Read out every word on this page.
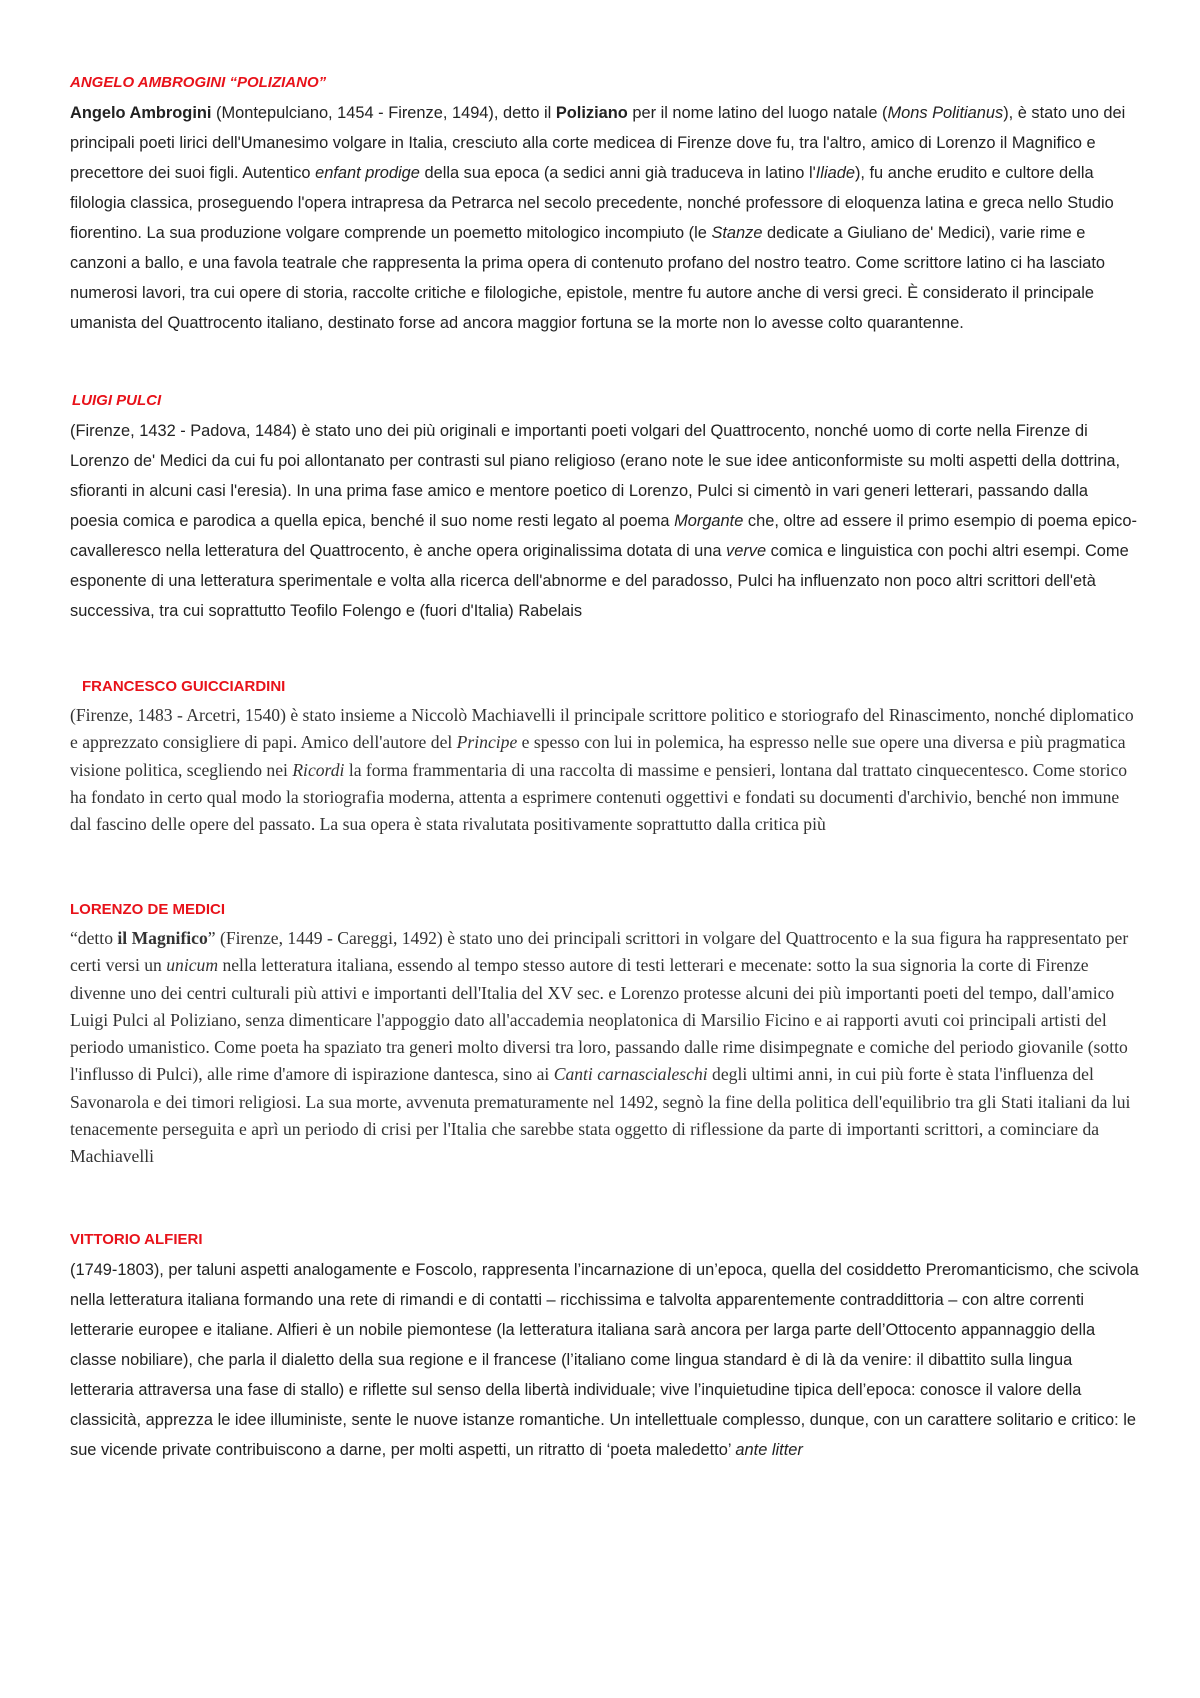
ANGELO AMBROGINI “POLIZIANO”

Angelo Ambrogini (Montepulciano, 1454 - Firenze, 1494), detto il Poliziano per il nome latino del luogo natale (Mons Politianus), è stato uno dei principali poeti lirici dell'Umanesimo volgare in Italia, cresciuto alla corte medicea di Firenze dove fu, tra l'altro, amico di Lorenzo il Magnifico e precettore dei suoi figli. Autentico enfant prodige della sua epoca (a sedici anni già traduceva in latino l'Iliade), fu anche erudito e cultore della filologia classica, proseguendo l'opera intrapresa da Petrarca nel secolo precedente, nonché professore di eloquenza latina e greca nello Studio fiorentino. La sua produzione volgare comprende un poemetto mitologico incompiuto (le Stanze dedicate a Giuliano de' Medici), varie rime e canzoni a ballo, e una favola teatrale che rappresenta la prima opera di contenuto profano del nostro teatro. Come scrittore latino ci ha lasciato numerosi lavori, tra cui opere di storia, raccolte critiche e filologiche, epistole, mentre fu autore anche di versi greci. È considerato il principale umanista del Quattrocento italiano, destinato forse ad ancora maggior fortuna se la morte non lo avesse colto quarantenne.

LUIGI PULCI

(Firenze, 1432 - Padova, 1484) è stato uno dei più originali e importanti poeti volgari del Quattrocento, nonché uomo di corte nella Firenze di Lorenzo de' Medici da cui fu poi allontanato per contrasti sul piano religioso (erano note le sue idee anticonformiste su molti aspetti della dottrina, sfioranti in alcuni casi l'eresia). In una prima fase amico e mentore poetico di Lorenzo, Pulci si cimentò in vari generi letterari, passando dalla poesia comica e parodica a quella epica, benché il suo nome resti legato al poema Morgante che, oltre ad essere il primo esempio di poema epico-cavalleresco nella letteratura del Quattrocento, è anche opera originalissima dotata di una verve comica e linguistica con pochi altri esempi. Come esponente di una letteratura sperimentale e volta alla ricerca dell'abnorme e del paradosso, Pulci ha influenzato non poco altri scrittori dell'età successiva, tra cui soprattutto Teofilo Folengo e (fuori d'Italia) Rabelais

FRANCESCO GUICCIARDINI

(Firenze, 1483 - Arcetri, 1540) è stato insieme a Niccolò Machiavelli il principale scrittore politico e storiografo del Rinascimento, nonché diplomatico e apprezzato consigliere di papi. Amico dell'autore del Principe e spesso con lui in polemica, ha espresso nelle sue opere una diversa e più pragmatica visione politica, scegliendo nei Ricordi la forma frammentaria di una raccolta di massime e pensieri, lontana dal trattato cinquecentesco. Come storico ha fondato in certo qual modo la storiografia moderna, attenta a esprimere contenuti oggettivi e fondati su documenti d'archivio, benché non immune dal fascino delle opere del passato. La sua opera è stata rivalutata positivamente soprattutto dalla critica più

LORENZO DE MEDICI

“detto il Magnifico” (Firenze, 1449 - Careggi, 1492) è stato uno dei principali scrittori in volgare del Quattrocento e la sua figura ha rappresentato per certi versi un unicum nella letteratura italiana, essendo al tempo stesso autore di testi letterari e mecenate: sotto la sua signoria la corte di Firenze divenne uno dei centri culturali più attivi e importanti dell'Italia del XV sec. e Lorenzo protesse alcuni dei più importanti poeti del tempo, dall'amico Luigi Pulci al Poliziano, senza dimenticare l'appoggio dato all'accademia neoplatonica di Marsilio Ficino e ai rapporti avuti coi principali artisti del periodo umanistico. Come poeta ha spaziato tra generi molto diversi tra loro, passando dalle rime disimpegnate e comiche del periodo giovanile (sotto l'influsso di Pulci), alle rime d'amore di ispirazione dantesca, sino ai Canti carnascialeschi degli ultimi anni, in cui più forte è stata l'influenza del Savonarola e dei timori religiosi. La sua morte, avvenuta prematuramente nel 1492, segnò la fine della politica dell'equilibrio tra gli Stati italiani da lui tenacemente perseguita e aprì un periodo di crisi per l'Italia che sarebbe stata oggetto di riflessione da parte di importanti scrittori, a cominciare da Machiavelli

VITTORIO ALFIERI

(1749-1803), per taluni aspetti analogamente e Foscolo, rappresenta l’incarnazione di un’epoca, quella del cosiddetto Preromanticismo, che scivola nella letteratura italiana formando una rete di rimandi e di contatti – ricchissima e talvolta apparentemente contraddittoria – con altre correnti letterarie europee e italiane. Alfieri è un nobile piemontese (la letteratura italiana sarà ancora per larga parte dell’Ottocento appannaggio della classe nobiliare), che parla il dialetto della sua regione e il francese (l’italiano come lingua standard è di là da venire: il dibattito sulla lingua letteraria attraversa una fase di stallo) e riflette sul senso della libertà individuale; vive l’inquietudine tipica dell’epoca: conosce il valore della classicità, apprezza le idee illuministe, sente le nuove istanze romantiche. Un intellettuale complesso, dunque, con un carattere solitario e critico: le sue vicende private contribuiscono a darne, per molti aspetti, un ritratto di ‘poeta maledetto’ ante litter
